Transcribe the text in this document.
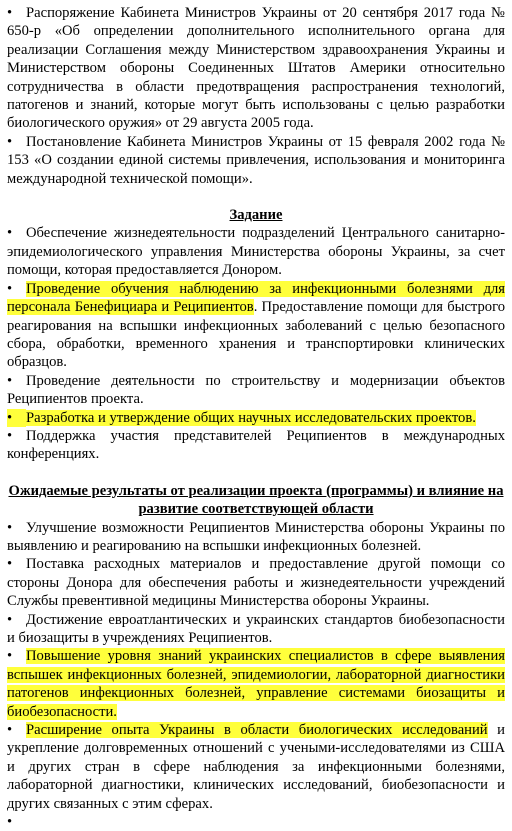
• Распоряжение Кабинета Министров Украины от 20 сентября 2017 года № 650-р «Об определении дополнительного исполнительного органа для реализации Соглашения между Министерством здравоохранения Украины и Министерством обороны Соединенных Штатов Америки относительно сотрудничества в области предотвращения распространения технологий, патогенов и знаний, которые могут быть использованы с целью разработки биологического оружия» от 29 августа 2005 года.

• Постановление Кабинета Министров Украины от 15 февраля 2002 года № 153 «О создании единой системы привлечения, использования и мониторинга международной технической помощи».

Задание

• Обеспечение жизнедеятельности подразделений Центрального санитарно-эпидемиологического управления Министерства обороны Украины, за счет помощи, которая предоставляется Донором.

• Проведение обучения наблюдению за инфекционными болезнями для персонала Бенефициара и Реципиентов. Предоставление помощи для быстрого реагирования на вспышки инфекционных заболеваний с целью безопасного сбора, обработки, временного хранения и транспортировки клинических образцов.

• Проведение деятельности по строительству и модернизации объектов Реципиентов проекта.

• Разработка и утверждение общих научных исследовательских проектов.

• Поддержка участия представителей Реципиентов в международных конференциях.

Ожидаемые результаты от реализации проекта (программы) и влияние на развитие соответствующей области

• Улучшение возможности Реципиентов Министерства обороны Украины по выявлению и реагированию на вспышки инфекционных болезней.

• Поставка расходных материалов и предоставление другой помощи со стороны Донора для обеспечения работы и жизнедеятельности учреждений Службы превентивной медицины Министерства обороны Украины.

• Достижение евроатлантических и украинских стандартов биобезопасности и биозащиты в учреждениях Реципиентов.

• Повышение уровня знаний украинских специалистов в сфере выявления вспышек инфекционных болезней, эпидемиологии, лабораторной диагностики патогенов инфекционных болезней, управление системами биозащиты и биобезопасности.

• Расширение опыта Украины в области биологических исследований и укрепление долговременных отношений с учеными-исследователями из США и других стран в сфере наблюдения за инфекционными болезнями, лабораторной диагностики, клинических исследований, биобезопасности и других связанных с этим сферах.

•
